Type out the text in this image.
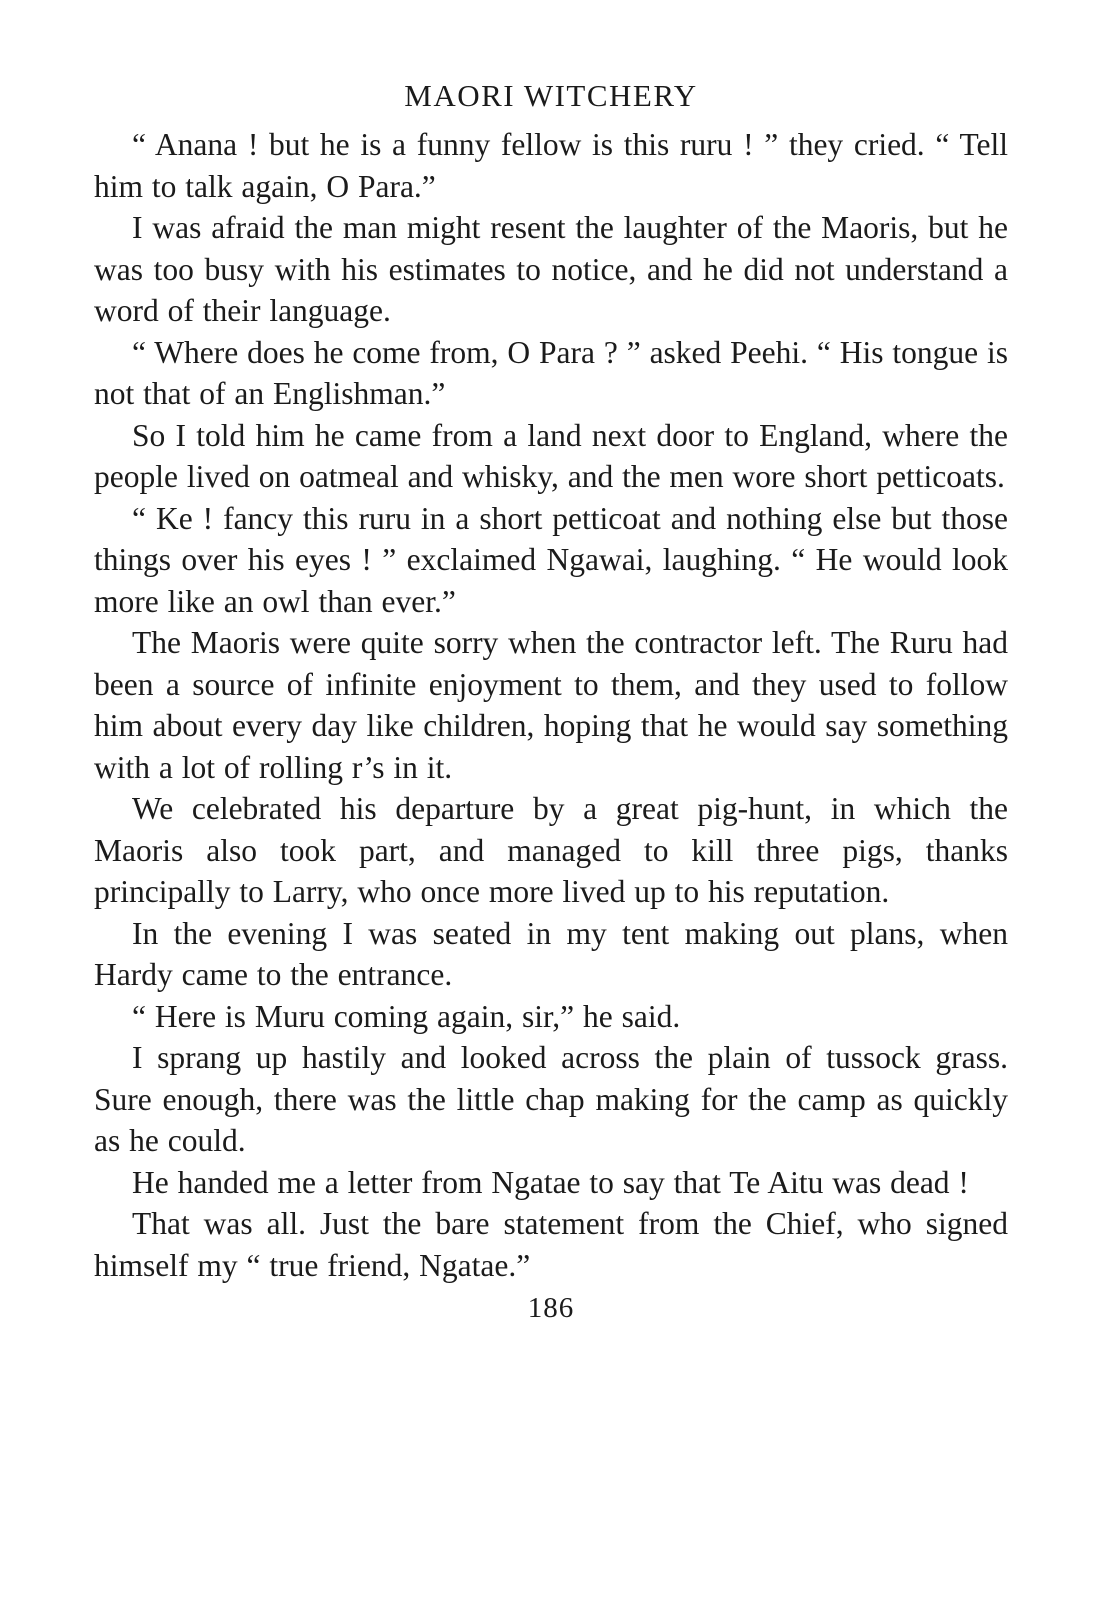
MAORI WITCHERY

“ Anana ! but he is a funny fellow is this ruru ! ” they cried. “ Tell him to talk again, O Para.”

I was afraid the man might resent the laughter of the Maoris, but he was too busy with his estimates to notice, and he did not understand a word of their language.

“ Where does he come from, O Para ? ” asked Peehi. “ His tongue is not that of an Englishman.”

So I told him he came from a land next door to England, where the people lived on oatmeal and whisky, and the men wore short petticoats.

“ Ke ! fancy this ruru in a short petticoat and nothing else but those things over his eyes ! ” exclaimed Ngawai, laughing. “ He would look more like an owl than ever.”

The Maoris were quite sorry when the contractor left. The Ruru had been a source of infinite enjoyment to them, and they used to follow him about every day like children, hoping that he would say something with a lot of rolling r’s in it.

We celebrated his departure by a great pig-hunt, in which the Maoris also took part, and managed to kill three pigs, thanks principally to Larry, who once more lived up to his reputation.

In the evening I was seated in my tent making out plans, when Hardy came to the entrance.

“ Here is Muru coming again, sir,” he said.

I sprang up hastily and looked across the plain of tussock grass. Sure enough, there was the little chap making for the camp as quickly as he could.

He handed me a letter from Ngatae to say that Te Aitu was dead !

That was all. Just the bare statement from the Chief, who signed himself my “ true friend, Ngatae.”

186
